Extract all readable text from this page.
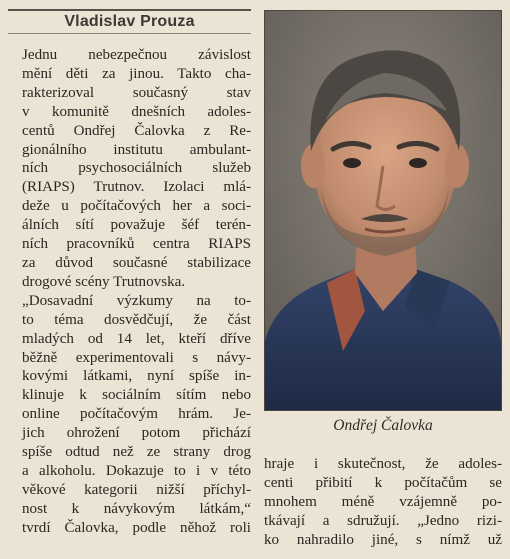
Vladislav Prouza

Jednu nebezpečnou závislost
mění děti za jinou. Takto cha-
rakterizoval současný stav
v komunitě dnešních adoles-
centů Ondřej Čalovka z Re-
gionálního institutu ambulant-
ních psychosociálních služeb
(RIAPS) Trutnov. Izolaci mlá-
deže u počítačových her a soci-
álních sítí považuje šéf terén-
ních pracovníků centra RIAPS
za důvod současné stabilizace
drogové scény Trutnovska.

„Dosavadní výzkumy na to-
to téma dosvědčují, že část
mladých od 14 let, kteří dříve
běžně experimentovali s návy-
kovými látkami, nyní spíše in-
klinuje k sociálním sítím nebo
online počítačovým hrám. Je-
jich ohrožení potom přichází
spíše odtud než ze strany drog
a alkoholu. Dokazuje to i v této
věkové kategorii nižší příchyl-
nost k návykovým látkám,“
tvrdí Čalovka, podle něhož roli

Ondřej Čalovka

hraje i skutečnost, že adoles-
centi přibití k počítačům se
mnohem méně vzájemně po-
tkávají a sdružují. „Jedno rizi-
ko nahradilo jiné, s nímž už
